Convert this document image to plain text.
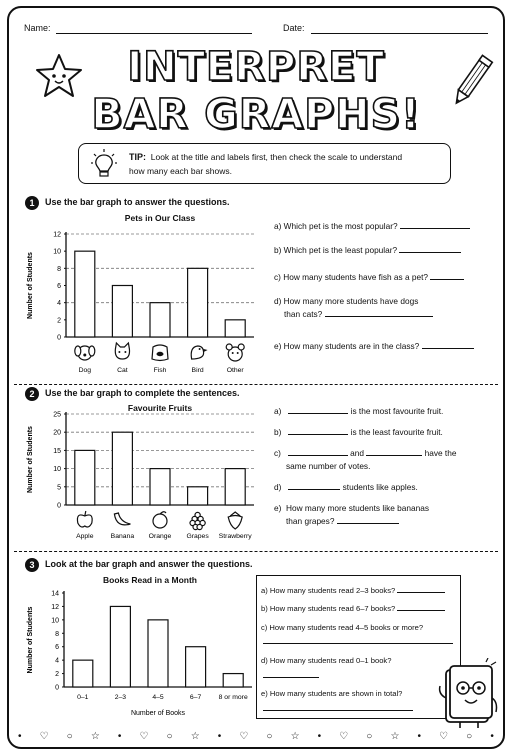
Name:	Date:
INTERPRET
BAR GRAPHS!
TIP: Look at the title and labels first, then check the scale to understand
how many each bar shows.
1	Use the bar graph to answer the questions.
Pets in Our Class
Number of Students
0
2
4
6
8
10
12
Dog	Cat	Fish	Bird	Other
a) Which pet is the most popular?
b) Which pet is the least popular?
c) How many students have fish as a pet?
d) How many more students have dogs
than cats?
e) How many students are in the class?
2	Use the bar graph to complete the sentences.
Favourite Fruits
Number of Students
0
5
10
15
20
25
Apple	Banana Orange Grapes Strawberry
a)	is the most favourite fruit.
b)	is the least favourite fruit.
c)	and	have the
same number of votes.
d)	students like apples.
e) How many more students like bananas
than grapes?
3	Look at the bar graph and answer the questions.
Books Read in a Month
Number of Students
0
2
4
6
8
10
12
14
0–1	2–3	4–5	6–7	8 or more
Number of Books
a) How many students read 2–3 books?
b) How many students read 6–7 books?
c) How many students read 4–5 books or more?
d) How many students read 0–1 book?
e) How many students are shown in total?
• ♡ ○ ☆ • ♡ ○ ☆ • ♡ ○ ☆ • ♡ ○ ☆ • ♡ ○ •
